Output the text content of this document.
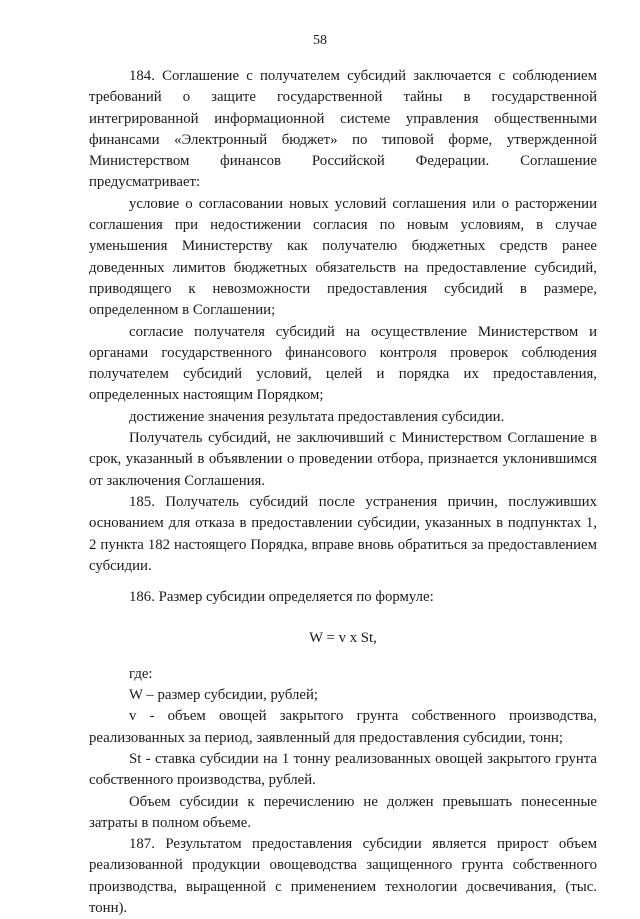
58

184. Соглашение с получателем субсидий заключается с соблюдением требований о защите государственной тайны в государственной интегрированной информационной системе управления общественными финансами «Электронный бюджет» по типовой форме, утвержденной Министерством финансов Российской Федерации. Соглашение предусматривает:

условие о согласовании новых условий соглашения или о расторжении соглашения при недостижении согласия по новым условиям, в случае уменьшения Министерству как получателю бюджетных средств ранее доведенных лимитов бюджетных обязательств на предоставление субсидий, приводящего к невозможности предоставления субсидий в размере, определенном в Соглашении;

согласие получателя субсидий на осуществление Министерством и органами государственного финансового контроля проверок соблюдения получателем субсидий условий, целей и порядка их предоставления, определенных настоящим Порядком;

достижение значения результата предоставления субсидии.

Получатель субсидий, не заключивший с Министерством Соглашение в срок, указанный в объявлении о проведении отбора, признается уклонившимся от заключения Соглашения.

185. Получатель субсидий после устранения причин, послуживших основанием для отказа в предоставлении субсидии, указанных в подпунктах 1, 2 пункта 182 настоящего Порядка, вправе вновь обратиться за предоставлением субсидии.

186. Размер субсидии определяется по формуле:

W = v x St,

где:

W – размер субсидии, рублей;

v - объем овощей закрытого грунта собственного производства, реализованных за период, заявленный для предоставления субсидии, тонн;

St - ставка субсидии на 1 тонну реализованных овощей закрытого грунта собственного производства, рублей.

Объем субсидии к перечислению не должен превышать понесенные затраты в полном объеме.

187. Результатом предоставления субсидии является прирост объем реализованной продукции овощеводства защищенного грунта собственного производства, выращенной с применением технологии досвечивания, (тыс. тонн).
